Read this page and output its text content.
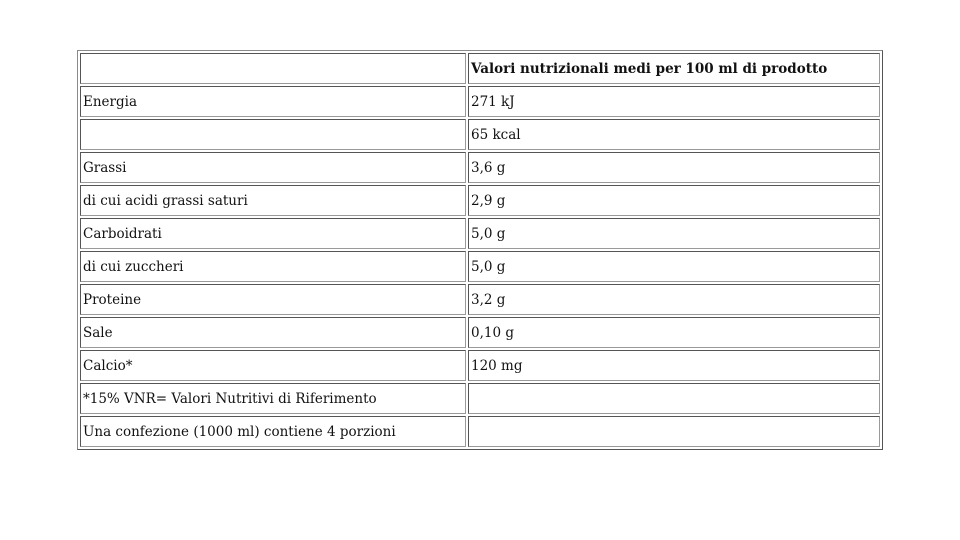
	Valori nutrizionali medi per 100 ml di prodotto
Energia	271 kJ
	65 kcal
Grassi	3,6 g
di cui acidi grassi saturi	2,9 g
Carboidrati	5,0 g
di cui zuccheri	5,0 g
Proteine	3,2 g
Sale	0,10 g
Calcio*	120 mg
*15% VNR= Valori Nutritivi di Riferimento	
Una confezione (1000 ml) contiene 4 porzioni	
